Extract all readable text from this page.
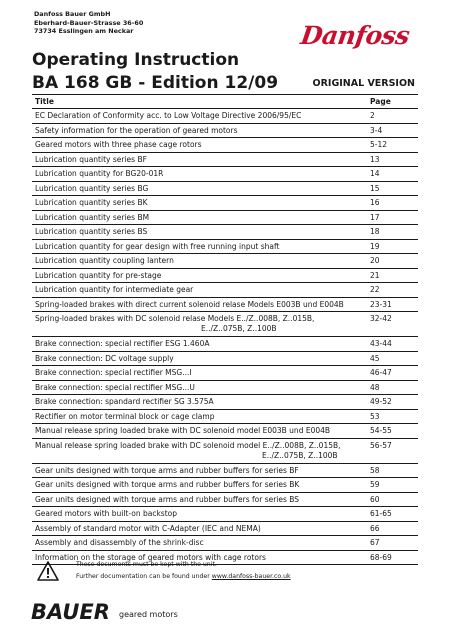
Danfoss Bauer GmbH
Eberhard-Bauer-Strasse 36-60
73734 Esslingen am Neckar	Danfoss
Operating Instruction
BA 168 GB - Edition 12/09	ORIGINAL VERSION
Title	Page
EC Declaration of Conformity acc. to Low Voltage Directive 2006/95/EC	2
Safety information for the operation of geared motors	3-4
Geared motors with three phase cage rotors	5-12
Lubrication quantity series BF	13
Lubrication quantity for BG20-01R	14
Lubrication quantity series BG	15
Lubrication quantity series BK	16
Lubrication quantity series BM	17
Lubrication quantity series BS	18
Lubrication quantity for gear design with free running input shaft	19
Lubrication quantity coupling lantern	20
Lubrication quantity for pre-stage	21
Lubrication quantity for intermediate gear	22
Spring-loaded brakes with direct current solenoid relase Models E003B und E004B	23-31
Spring-loaded brakes with DC solenoid relase Models E../Z..008B, Z..015B,
E../Z..075B, Z..100B
32-42
Brake connection: special rectifier ESG 1.460A	43-44
Brake connection: DC voltage supply	45
Brake connection: special rectifier MSG...I	46-47
Brake connection: special rectifier MSG...U	48
Brake connection: spandard rectifier SG 3.575A	49-52
Rectifier on motor terminal block or cage clamp	53
Manual release spring loaded brake with DC solenoid model E003B und E004B	54-55
Manual release spring loaded brake with DC solenoid model E../Z..008B, Z..015B,
E../Z..075B, Z..100B
56-57
Gear units designed with torque arms and rubber buffers for series BF	58
Gear units designed with torque arms and rubber buffers for series BK	59
Gear units designed with torque arms and rubber buffers for series BS	60
Geared motors with built-on backstop	61-65
Assembly of standard motor with C-Adapter (IEC and NEMA)	66
Assembly and disassembly of the shrink-disc	67
Information on the storage of geared motors with cage rotors	68-69
These documents must be kept with the unit.
Further documentation can be found under www.danfoss-bauer.co.uk
BAUER geared motors
